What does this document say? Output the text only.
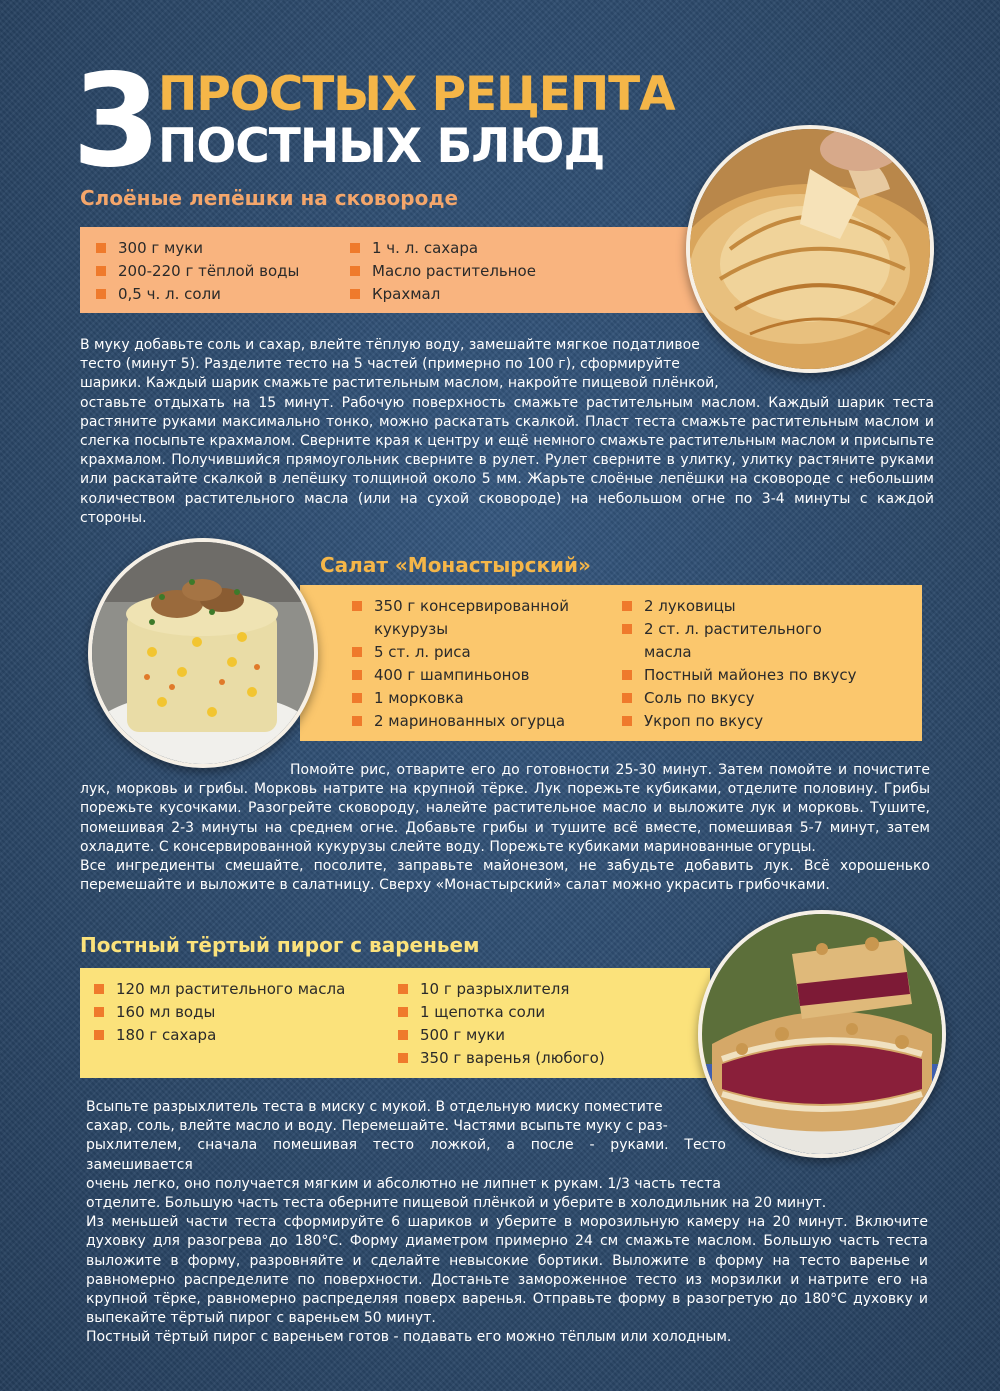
3 ПРОСТЫХ РЕЦЕПТА
ПОСТНЫХ БЛЮД
Слоёные лепёшки на сковороде
300 г муки
200-220 г тёплой воды
0,5 ч. л. соли
1 ч. л. сахара
Масло растительное
Крахмал

В муку добавьте соль и сахар, влейте тёплую воду, замешайте мягкое податливое

тесто (минут 5). Разделите тесто на 5 частей (примерно по 100 г), сформируйте

шарики. Каждый шарик смажьте растительным маслом, накройте пищевой плёнкой,

оставьте отдыхать на 15 минут. Рабочую поверхность смажьте растительным маслом. Каждый шарик теста растяните руками максимально тонко, можно раскатать скалкой. Пласт теста смажьте растительным маслом и слегка посыпьте крахмалом. Сверните края к центру и ещё немного смажьте растительным маслом и присыпьте крахмалом. Получившийся прямоугольник сверните в рулет. Рулет сверните в улитку, улитку растяните руками или раскатайте скалкой в лепёшку толщиной около 5 мм. Жарьте слоёные лепёшки на сковороде с небольшим количеством растительного масла (или на сухой сковороде) на небольшом огне по 3-4 минуты с каждой стороны.

Салат «Монастырский»
350 г консервированной кукурузы
5 ст. л. риса
400 г шампиньонов
1 морковка
2 маринованных огурца
2 луковицы
2 ст. л. растительного масла
Постный майонез по вкусу
Соль по вкусу
Укроп по вкусу

Помойте рис, отварите его до готовности 25-30 минут. Затем помойте и почистите лук, морковь и грибы. Морковь натрите на крупной тёрке. Лук порежьте кубиками, отделите половину. Грибы порежьте кусочками. Разогрейте сковороду, налейте растительное масло и выложите лук и морковь. Тушите, помешивая 2-3 минуты на среднем огне. Добавьте грибы и тушите всё вместе, помешивая 5-7 минут, затем охладите. С консервированной кукурузы слейте воду. Порежьте кубиками маринованные огурцы.

Все ингредиенты смешайте, посолите, заправьте майонезом, не забудьте добавить лук. Всё хорошенько перемешайте и выложите в салатницу. Сверху «Монастырский» салат можно украсить грибочками.

Постный тёртый пирог с вареньем
120 мл растительного масла
160 мл воды
180 г сахара
10 г разрыхлителя
1 щепотка соли
500 г муки
350 г варенья (любого)

Всыпьте разрыхлитель теста в миску с мукой. В отдельную миску поместите

сахар, соль, влейте масло и воду. Перемешайте. Частями всыпьте муку с раз-

рыхлителем, сначала помешивая тесто ложкой, а после - руками. Тесто замешивается

очень легко, оно получается мягким и абсолютно не липнет к рукам. 1/3 часть теста

отделите. Большую часть теста оберните пищевой плёнкой и уберите в холодильник на 20 минут.

Из меньшей части теста сформируйте 6 шариков и уберите в морозильную камеру на 20 минут. Включите духовку для разогрева до 180°С. Форму диаметром примерно 24 см смажьте маслом. Большую часть теста выложите в форму, разровняйте и сделайте невысокие бортики. Выложите в форму на тесто варенье и равномерно распределите по поверхности. Достаньте замороженное тесто из морзилки и натрите его на крупной тёрке, равномерно распределяя поверх варенья. Отправьте форму в разогретую до 180°С духовку и выпекайте тёртый пирог с вареньем 50 минут.

Постный тёртый пирог с вареньем готов - подавать его можно тёплым или холодным.
